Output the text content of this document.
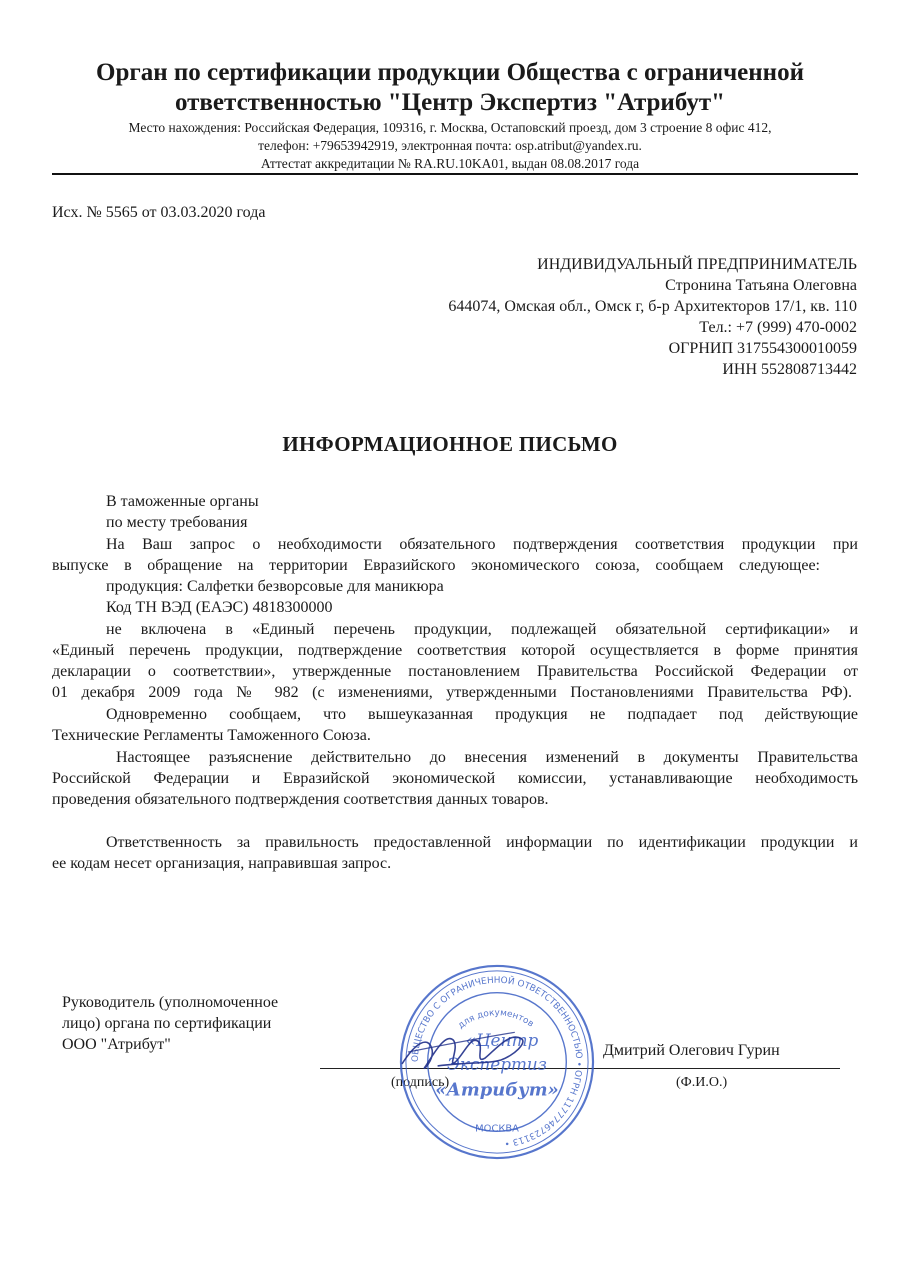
Орган по сертификации продукции Общества с ограниченной
ответственностью "Центр Экспертиз "Атрибут"
Место нахождения: Российская Федерация, 109316, г. Москва, Остаповский проезд, дом 3 строение 8 офис 412,
телефон: +79653942919, электронная почта: osp.atribut@yandex.ru.
Аттестат аккредитации № RA.RU.10KA01, выдан 08.08.2017 года
Исх. № 5565 от 03.03.2020 года
ИНДИВИДУАЛЬНЫЙ ПРЕДПРИНИМАТЕЛЬ
Стронина Татьяна Олеговна
644074, Омская обл., Омск г, б-р Архитекторов 17/1, кв. 110
Тел.: +7 (999) 470-0002
ОГРНИП 317554300010059
ИНН 552808713442
ИНФОРМАЦИОННОЕ ПИСЬМО
В таможенные органы
по месту требования
На Ваш запрос о необходимости обязательного подтверждения соответствия продукции при
выпуске в обращение на территории Евразийского экономического союза, сообщаем следующее:
продукция: Салфетки безворсовые для маникюра
Код ТН ВЭД (ЕАЭС) 4818300000
не включена в «Единый перечень продукции, подлежащей обязательной сертификации» и
«Единый перечень продукции, подтверждение соответствия которой осуществляется в форме принятия
декларации о соответствии», утвержденные постановлением Правительства Российской Федерации от
01 декабря 2009 года № 982 (с изменениями, утвержденными Постановлениями Правительства РФ).
Одновременно сообщаем, что вышеуказанная продукция не подпадает под действующие
Технические Регламенты Таможенного Союза.
Настоящее разъяснение действительно до внесения изменений в документы Правительства
Российской Федерации и Евразийской экономической комиссии, устанавливающие необходимость
проведения обязательного подтверждения соответствия данных товаров.
Ответственность за правильность предоставленной информации по идентификации продукции и
ее кодам несет организация, направившая запрос.
Руководитель (уполномоченное
лицо) органа по сертификации
ООО "Атрибут"	Дмитрий Олегович Гурин
(подпись)	(Ф.И.О.)
ОБЩЕСТВО С ОГРАНИЧЕННОЙ ОТВЕТСТВЕННОСТЬЮ • ОГРН 1177746723113 •
для документов
«Центр
Экспертиз
«Атрибут»
МОСКВА
